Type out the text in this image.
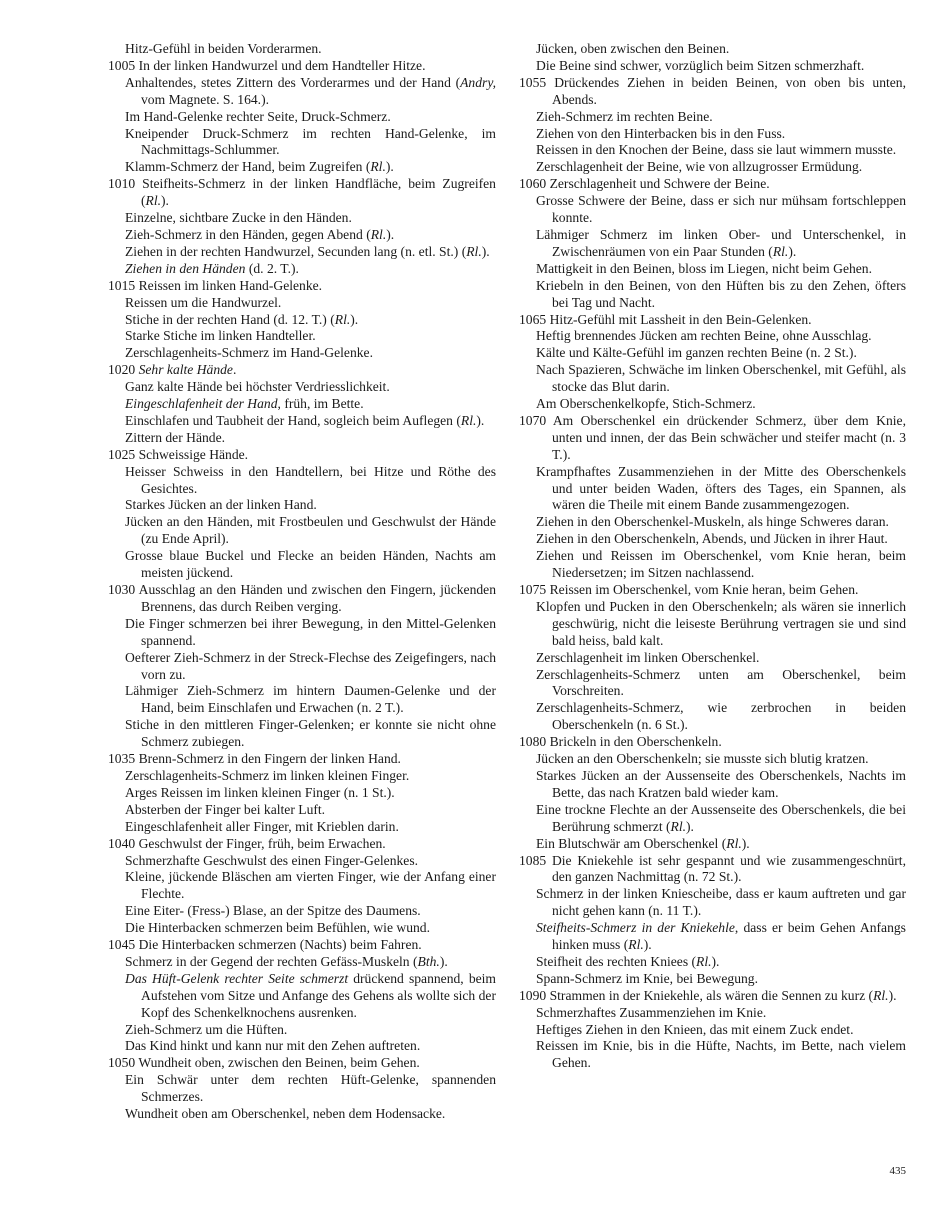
Hitz-Gefühl in beiden Vorderarmen.

1005 In der linken Handwurzel und dem Handteller Hitze.

Anhaltendes, stetes Zittern des Vorderarmes und der Hand (Andry, vom Magnete. S. 164.).

Im Hand-Gelenke rechter Seite, Druck-Schmerz.

Kneipender Druck-Schmerz im rechten Hand-Gelenke, im Nachmittags-Schlummer.

Klamm-Schmerz der Hand, beim Zugreifen (Rl.).

1010 Steifheits-Schmerz in der linken Handfläche, beim Zugreifen (Rl.).

Einzelne, sichtbare Zucke in den Händen.

Zieh-Schmerz in den Händen, gegen Abend (Rl.).

Ziehen in der rechten Handwurzel, Secunden lang (n. etl. St.) (Rl.).

Ziehen in den Händen (d. 2. T.).

1015 Reissen im linken Hand-Gelenke.

Reissen um die Handwurzel.

Stiche in der rechten Hand (d. 12. T.) (Rl.).

Starke Stiche im linken Handteller.

Zerschlagenheits-Schmerz im Hand-Gelenke.

1020 Sehr kalte Hände.

Ganz kalte Hände bei höchster Verdriesslichkeit.

Eingeschlafenheit der Hand, früh, im Bette.

Einschlafen und Taubheit der Hand, sogleich beim Auflegen (Rl.).

Zittern der Hände.

1025 Schweissige Hände.

Heisser Schweiss in den Handtellern, bei Hitze und Röthe des Gesichtes.

Starkes Jücken an der linken Hand.

Jücken an den Händen, mit Frostbeulen und Geschwulst der Hände (zu Ende April).

Grosse blaue Buckel und Flecke an beiden Händen, Nachts am meisten jückend.

1030 Ausschlag an den Händen und zwischen den Fingern, jückenden Brennens, das durch Reiben verging.

Die Finger schmerzen bei ihrer Bewegung, in den Mittel-Gelenken spannend.

Oefterer Zieh-Schmerz in der Streck-Flechse des Zeigefingers, nach vorn zu.

Lähmiger Zieh-Schmerz im hintern Daumen-Gelenke und der Hand, beim Einschlafen und Erwachen (n. 2 T.).

Stiche in den mittleren Finger-Gelenken; er konnte sie nicht ohne Schmerz zubiegen.

1035 Brenn-Schmerz in den Fingern der linken Hand.

Zerschlagenheits-Schmerz im linken kleinen Finger.

Arges Reissen im linken kleinen Finger (n. 1 St.).

Absterben der Finger bei kalter Luft.

Eingeschlafenheit aller Finger, mit Krieblen darin.

1040 Geschwulst der Finger, früh, beim Erwachen.

Schmerzhafte Geschwulst des einen Finger-Gelenkes.

Kleine, jückende Bläschen am vierten Finger, wie der Anfang einer Flechte.

Eine Eiter- (Fress-) Blase, an der Spitze des Daumens.

Die Hinterbacken schmerzen beim Befühlen, wie wund.

1045 Die Hinterbacken schmerzen (Nachts) beim Fahren.

Schmerz in der Gegend der rechten Gefäss-Muskeln (Bth.).

Das Hüft-Gelenk rechter Seite schmerzt drückend spannend, beim Aufstehen vom Sitze und Anfange des Gehens als wollte sich der Kopf des Schenkelknochens ausrenken.

Zieh-Schmerz um die Hüften.

Das Kind hinkt und kann nur mit den Zehen auftreten.

1050 Wundheit oben, zwischen den Beinen, beim Gehen.

Ein Schwär unter dem rechten Hüft-Gelenke, spannenden Schmerzes.

Wundheit oben am Oberschenkel, neben dem Hodensacke.

Jücken, oben zwischen den Beinen.

Die Beine sind schwer, vorzüglich beim Sitzen schmerzhaft.

1055 Drückendes Ziehen in beiden Beinen, von oben bis unten, Abends.

Zieh-Schmerz im rechten Beine.

Ziehen von den Hinterbacken bis in den Fuss.

Reissen in den Knochen der Beine, dass sie laut wimmern musste.

Zerschlagenheit der Beine, wie von allzugrosser Ermüdung.

1060 Zerschlagenheit und Schwere der Beine.

Grosse Schwere der Beine, dass er sich nur mühsam fortschleppen konnte.

Lähmiger Schmerz im linken Ober- und Unterschenkel, in Zwischenräumen von ein Paar Stunden (Rl.).

Mattigkeit in den Beinen, bloss im Liegen, nicht beim Gehen.

Kriebeln in den Beinen, von den Hüften bis zu den Zehen, öfters bei Tag und Nacht.

1065 Hitz-Gefühl mit Lassheit in den Bein-Gelenken.

Heftig brennendes Jücken am rechten Beine, ohne Ausschlag.

Kälte und Kälte-Gefühl im ganzen rechten Beine (n. 2 St.).

Nach Spazieren, Schwäche im linken Oberschenkel, mit Gefühl, als stocke das Blut darin.

Am Oberschenkelkopfe, Stich-Schmerz.

1070 Am Oberschenkel ein drückender Schmerz, über dem Knie, unten und innen, der das Bein schwächer und steifer macht (n. 3 T.).

Krampfhaftes Zusammenziehen in der Mitte des Oberschenkels und unter beiden Waden, öfters des Tages, ein Spannen, als wären die Theile mit einem Bande zusammengezogen.

Ziehen in den Oberschenkel-Muskeln, als hinge Schweres daran.

Ziehen in den Oberschenkeln, Abends, und Jücken in ihrer Haut.

Ziehen und Reissen im Oberschenkel, vom Knie heran, beim Niedersetzen; im Sitzen nachlassend.

1075 Reissen im Oberschenkel, vom Knie heran, beim Gehen.

Klopfen und Pucken in den Oberschenkeln; als wären sie innerlich geschwürig, nicht die leiseste Berührung vertragen sie und sind bald heiss, bald kalt.

Zerschlagenheit im linken Oberschenkel.

Zerschlagenheits-Schmerz unten am Oberschenkel, beim Vorschreiten.

Zerschlagenheits-Schmerz, wie zerbrochen in beiden Oberschenkeln (n. 6 St.).

1080 Brickeln in den Oberschenkeln.

Jücken an den Oberschenkeln; sie musste sich blutig kratzen.

Starkes Jücken an der Aussenseite des Oberschenkels, Nachts im Bette, das nach Kratzen bald wieder kam.

Eine trockne Flechte an der Aussenseite des Oberschenkels, die bei Berührung schmerzt (Rl.).

Ein Blutschwär am Oberschenkel (Rl.).

1085 Die Kniekehle ist sehr gespannt und wie zusammengeschnürt, den ganzen Nachmittag (n. 72 St.).

Schmerz in der linken Kniescheibe, dass er kaum auftreten und gar nicht gehen kann (n. 11 T.).

Steifheits-Schmerz in der Kniekehle, dass er beim Gehen Anfangs hinken muss (Rl.).

Steifheit des rechten Kniees (Rl.).

Spann-Schmerz im Knie, bei Bewegung.

1090 Strammen in der Kniekehle, als wären die Sennen zu kurz (Rl.).

Schmerzhaftes Zusammenziehen im Knie.

Heftiges Ziehen in den Knieen, das mit einem Zuck endet.

Reissen im Knie, bis in die Hüfte, Nachts, im Bette, nach vielem Gehen.

435
